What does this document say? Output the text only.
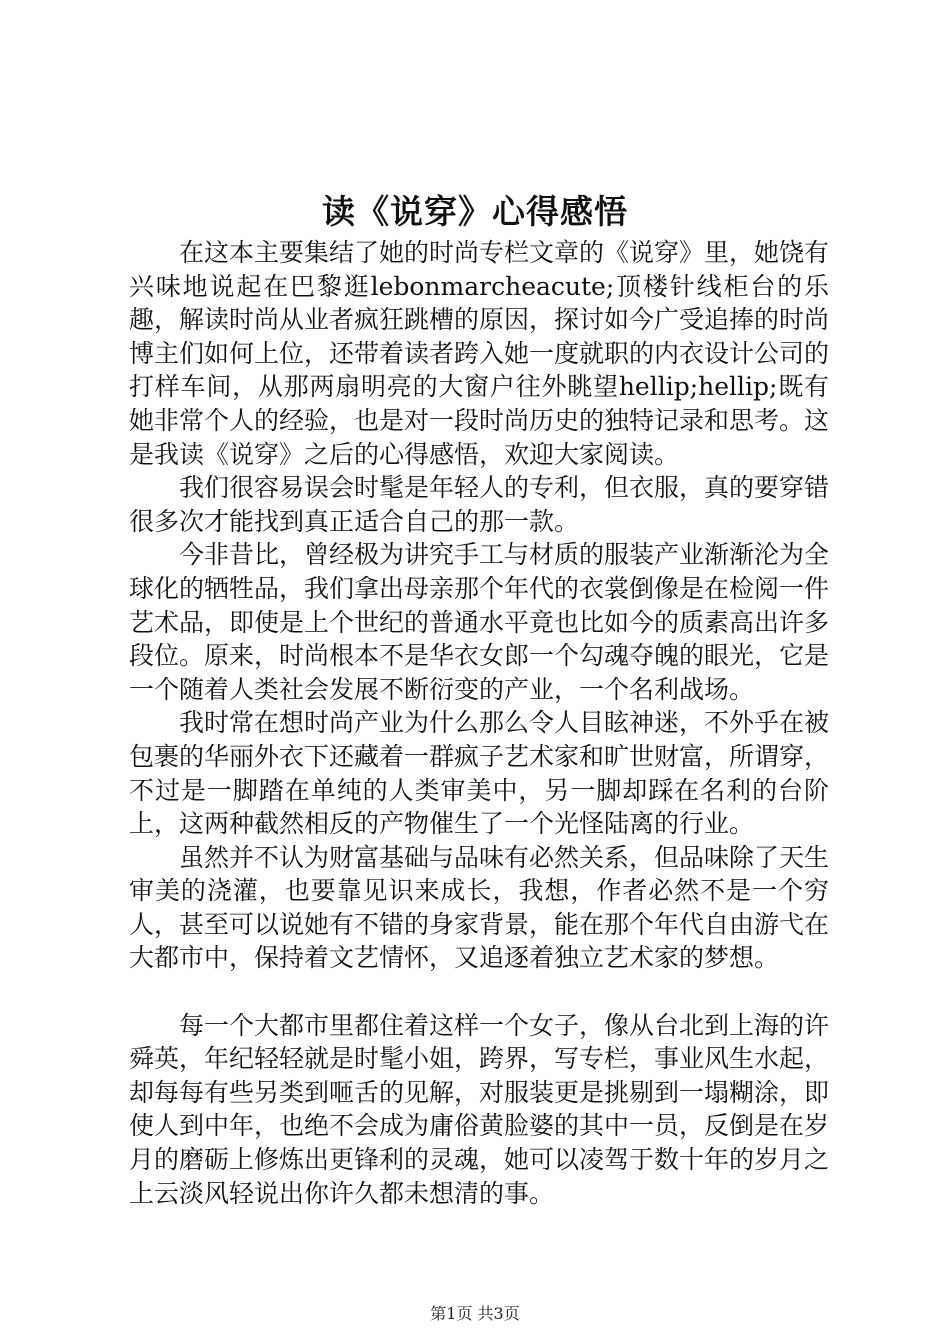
读《说穿》心得感悟

在这本主要集结了她的时尚专栏文章的《说穿》里，她饶有兴味地说起在巴黎逛lebonmarcheacute;顶楼针线柜台的乐趣，解读时尚从业者疯狂跳槽的原因，探讨如今广受追捧的时尚博主们如何上位，还带着读者跨入她一度就职的内衣设计公司的打样车间，从那两扇明亮的大窗户往外眺望hellip;hellip;既有她非常个人的经验，也是对一段时尚历史的独特记录和思考。这是我读《说穿》之后的心得感悟，欢迎大家阅读。

我们很容易误会时髦是年轻人的专利，但衣服，真的要穿错很多次才能找到真正适合自己的那一款。

今非昔比，曾经极为讲究手工与材质的服装产业渐渐沦为全球化的牺牲品，我们拿出母亲那个年代的衣裳倒像是在检阅一件艺术品，即使是上个世纪的普通水平竟也比如今的质素高出许多段位。原来，时尚根本不是华衣女郎一个勾魂夺魄的眼光，它是一个随着人类社会发展不断衍变的产业，一个名利战场。

我时常在想时尚产业为什么那么令人目眩神迷，不外乎在被包裹的华丽外衣下还藏着一群疯子艺术家和旷世财富，所谓穿，不过是一脚踏在单纯的人类审美中，另一脚却踩在名利的台阶上，这两种截然相反的产物催生了一个光怪陆离的行业。

虽然并不认为财富基础与品味有必然关系，但品味除了天生审美的浇灌，也要靠见识来成长，我想，作者必然不是一个穷人，甚至可以说她有不错的身家背景，能在那个年代自由游弋在大都市中，保持着文艺情怀，又追逐着独立艺术家的梦想。

每一个大都市里都住着这样一个女子，像从台北到上海的许舜英，年纪轻轻就是时髦小姐，跨界，写专栏，事业风生水起，却每每有些另类到咂舌的见解，对服装更是挑剔到一塌糊涂，即使人到中年，也绝不会成为庸俗黄脸婆的其中一员，反倒是在岁月的磨砺上修炼出更锋利的灵魂，她可以凌驾于数十年的岁月之上云淡风轻说出你许久都未想清的事。

第1页 共3页
